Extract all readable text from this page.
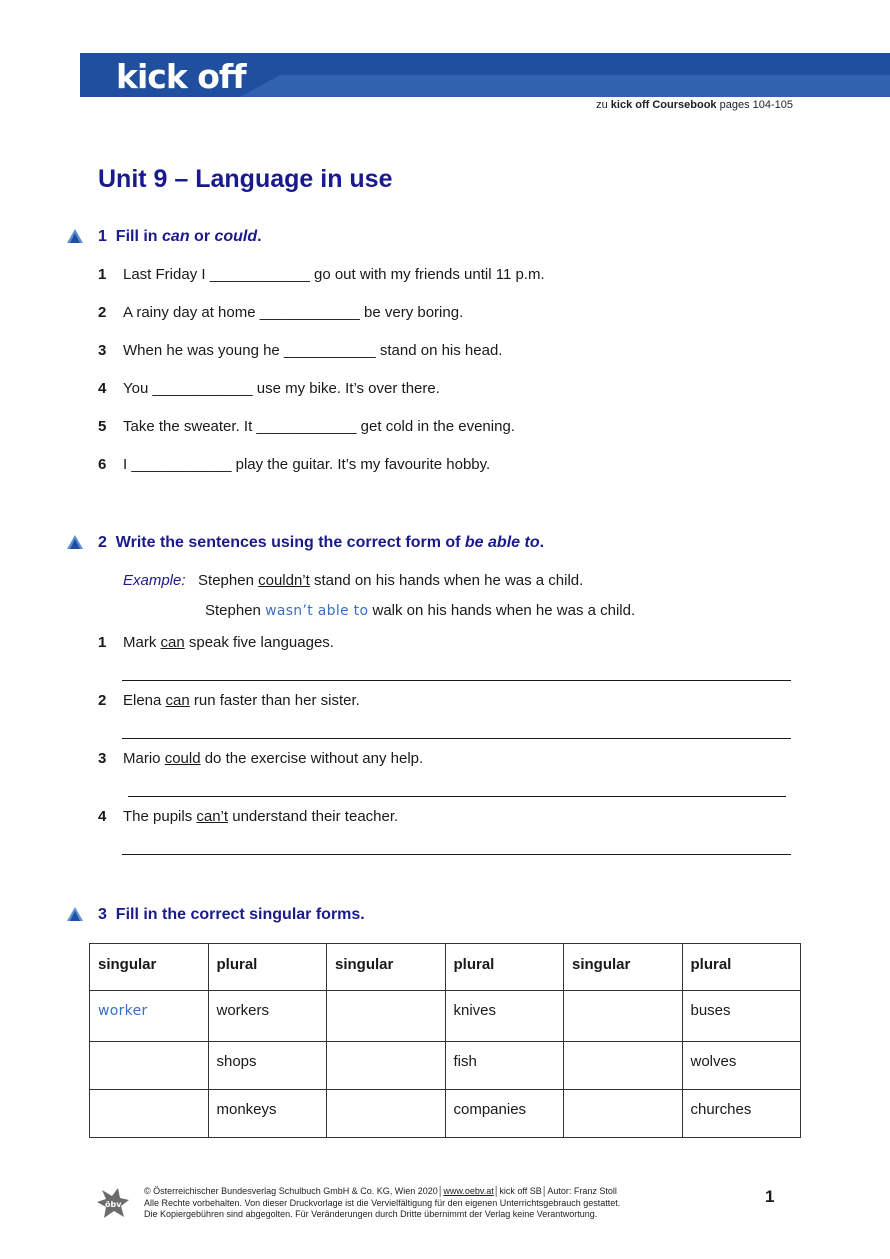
kick off
zu kick off Coursebook pages 104-105
Unit 9 – Language in use
1 Fill in can or could.
1 Last Friday I ____________ go out with my friends until 11 p.m.
2 A rainy day at home ____________ be very boring.
3 When he was young he ___________ stand on his head.
4 You ____________ use my bike. It’s over there.
5 Take the sweater. It ____________ get cold in the evening.
6 I ____________ play the guitar. It’s my favourite hobby.
2 Write the sentences using the correct form of be able to.
Example: Stephen couldn’t stand on his hands when he was a child.
Stephen wasn’t able to walk on his hands when he was a child.
1 Mark can speak five languages.
2 Elena can run faster than her sister.
3 Mario could do the exercise without any help.
4 The pupils can’t understand their teacher.
3 Fill in the correct singular forms.
singular	plural	singular	plural	singular	plural
worker	workers		knives		buses
	shops		fish		wolves
	monkeys		companies		churches
öbv
© Österreichischer Bundesverlag Schulbuch GmbH & Co. KG, Wien 2020│www.oebv.at│kick off SB│Autor: Franz Stoll
Alle Rechte vorbehalten. Von dieser Druckvorlage ist die Vervielfältigung für den eigenen Unterrichtsgebrauch gestattet.
Die Kopiergebühren sind abgegolten. Für Veränderungen durch Dritte übernimmt der Verlag keine Verantwortung.
1
